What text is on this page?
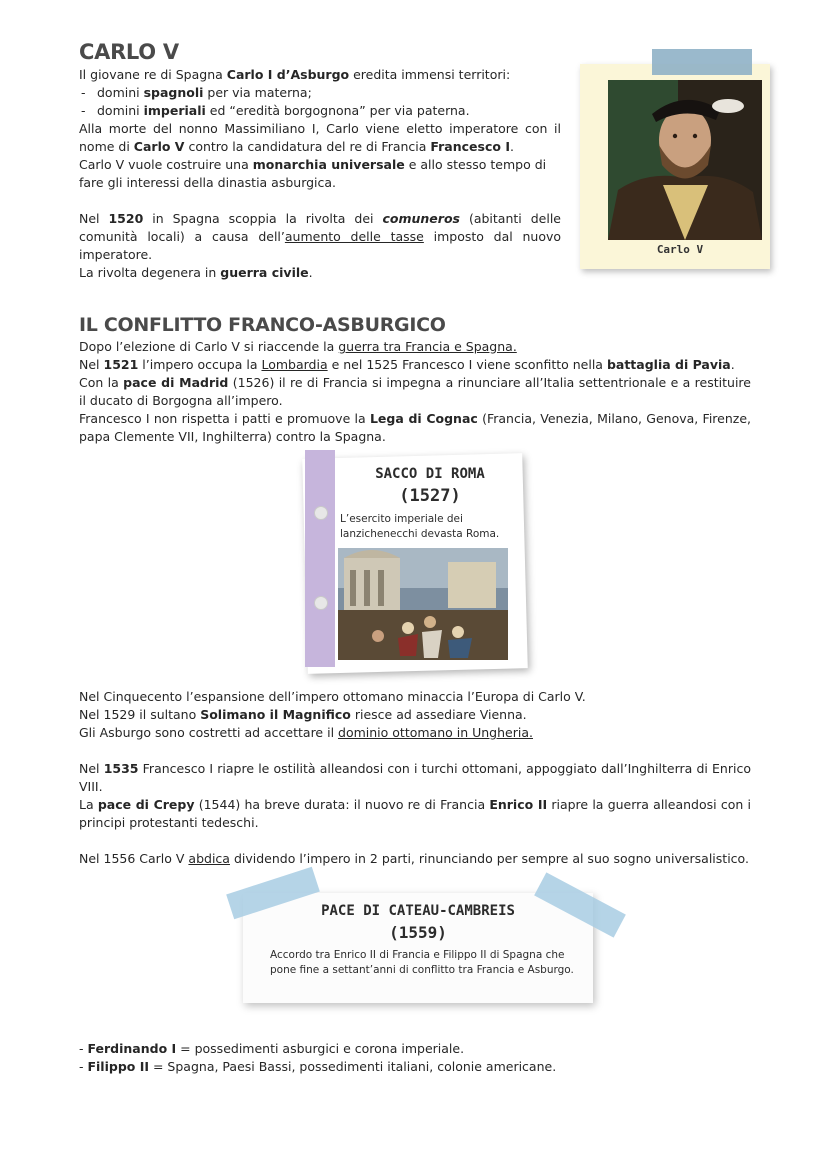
CARLO V

Il giovane re di Spagna Carlo I d’Asburgo eredita immensi territori:

- domini spagnoli per via materna;
- domini imperiali ed “eredità borgognona” per via paterna.

Alla morte del nonno Massimiliano I, Carlo viene eletto imperatore con il nome di Carlo V contro la candidatura del re di Francia Francesco I.

Carlo V vuole costruire una monarchia universale e allo stesso tempo di fare gli interessi della dinastia asburgica.

Nel 1520 in Spagna scoppia la rivolta dei comuneros (abitanti delle comunità locali) a causa dell’aumento delle tasse imposto dal nuovo imperatore.

La rivolta degenera in guerra civile.

Carlo V
IL CONFLITTO FRANCO-ASBURGICO

Dopo l’elezione di Carlo V si riaccende la guerra tra Francia e Spagna.

Nel 1521 l’impero occupa la Lombardia e nel 1525 Francesco I viene sconfitto nella battaglia di Pavia.

Con la pace di Madrid (1526) il re di Francia si impegna a rinunciare all’Italia settentrionale e a restituire il ducato di Borgogna all’impero.

Francesco I non rispetta i patti e promuove la Lega di Cognac (Francia, Venezia, Milano, Genova, Firenze, papa Clemente VII, Inghilterra) contro la Spagna.

SACCO DI ROMA
(1527)
L’esercito imperiale dei lanzichenecchi devasta Roma.

Nel Cinquecento l’espansione dell’impero ottomano minaccia l’Europa di Carlo V.

Nel 1529 il sultano Solimano il Magnifico riesce ad assediare Vienna.

Gli Asburgo sono costretti ad accettare il dominio ottomano in Ungheria.

Nel 1535 Francesco I riapre le ostilità alleandosi con i turchi ottomani, appoggiato dall’Inghilterra di Enrico VIII.

La pace di Crepy (1544) ha breve durata: il nuovo re di Francia Enrico II riapre la guerra alleandosi con i principi protestanti tedeschi.

Nel 1556 Carlo V abdica dividendo l’impero in 2 parti, rinunciando per sempre al suo sogno universalistico.

PACE DI CATEAU-CAMBREIS
(1559)
Accordo tra Enrico II di Francia e Filippo II di Spagna che pone fine a settant’anni di conflitto tra Francia e Asburgo.

- Ferdinando I = possedimenti asburgici e corona imperiale.

- Filippo II = Spagna, Paesi Bassi, possedimenti italiani, colonie americane.
